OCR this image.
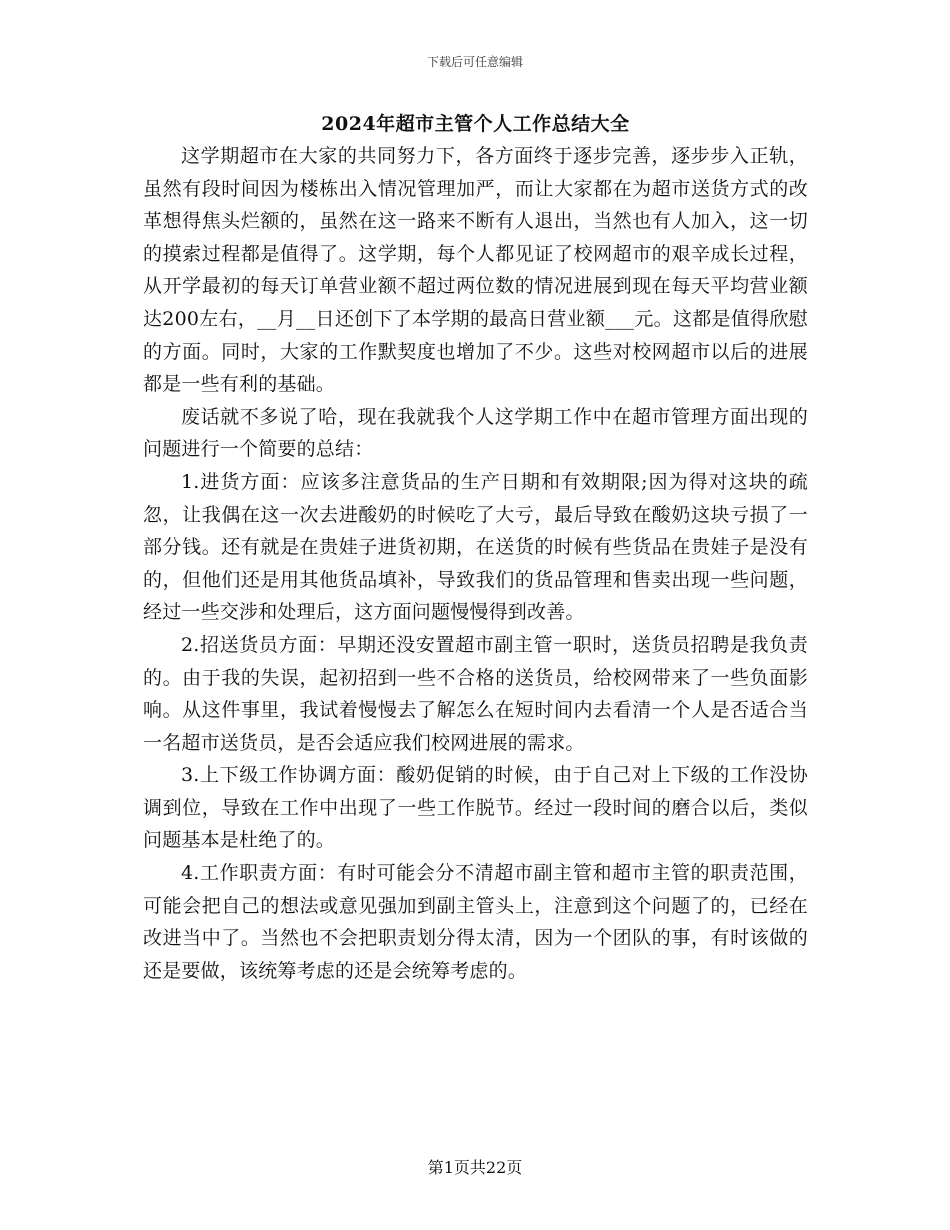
下载后可任意编辑
2024年超市主管个人工作总结大全

这学期超市在大家的共同努力下，各方面终于逐步完善，逐步步入正轨，虽然有段时间因为楼栋出入情况管理加严，而让大家都在为超市送货方式的改革想得焦头烂额的，虽然在这一路来不断有人退出，当然也有人加入，这一切的摸索过程都是值得了。这学期，每个人都见证了校网超市的艰辛成长过程，从开学最初的每天订单营业额不超过两位数的情况进展到现在每天平均营业额达200左右，__月__日还创下了本学期的最高日营业额___元。这都是值得欣慰的方面。同时，大家的工作默契度也增加了不少。这些对校网超市以后的进展都是一些有利的基础。

废话就不多说了哈，现在我就我个人这学期工作中在超市管理方面出现的问题进行一个简要的总结：

1.进货方面：应该多注意货品的生产日期和有效期限;因为得对这块的疏忽，让我偶在这一次去进酸奶的时候吃了大亏，最后导致在酸奶这块亏损了一部分钱。还有就是在贵娃子进货初期，在送货的时候有些货品在贵娃子是没有的，但他们还是用其他货品填补，导致我们的货品管理和售卖出现一些问题，经过一些交涉和处理后，这方面问题慢慢得到改善。

2.招送货员方面：早期还没安置超市副主管一职时，送货员招聘是我负责的。由于我的失误，起初招到一些不合格的送货员，给校网带来了一些负面影响。从这件事里，我试着慢慢去了解怎么在短时间内去看清一个人是否适合当一名超市送货员，是否会适应我们校网进展的需求。

3.上下级工作协调方面：酸奶促销的时候，由于自己对上下级的工作没协调到位，导致在工作中出现了一些工作脱节。经过一段时间的磨合以后，类似问题基本是杜绝了的。

4.工作职责方面：有时可能会分不清超市副主管和超市主管的职责范围，可能会把自己的想法或意见强加到副主管头上，注意到这个问题了的，已经在改进当中了。当然也不会把职责划分得太清，因为一个团队的事，有时该做的还是要做，该统筹考虑的还是会统筹考虑的。

第1页共22页
